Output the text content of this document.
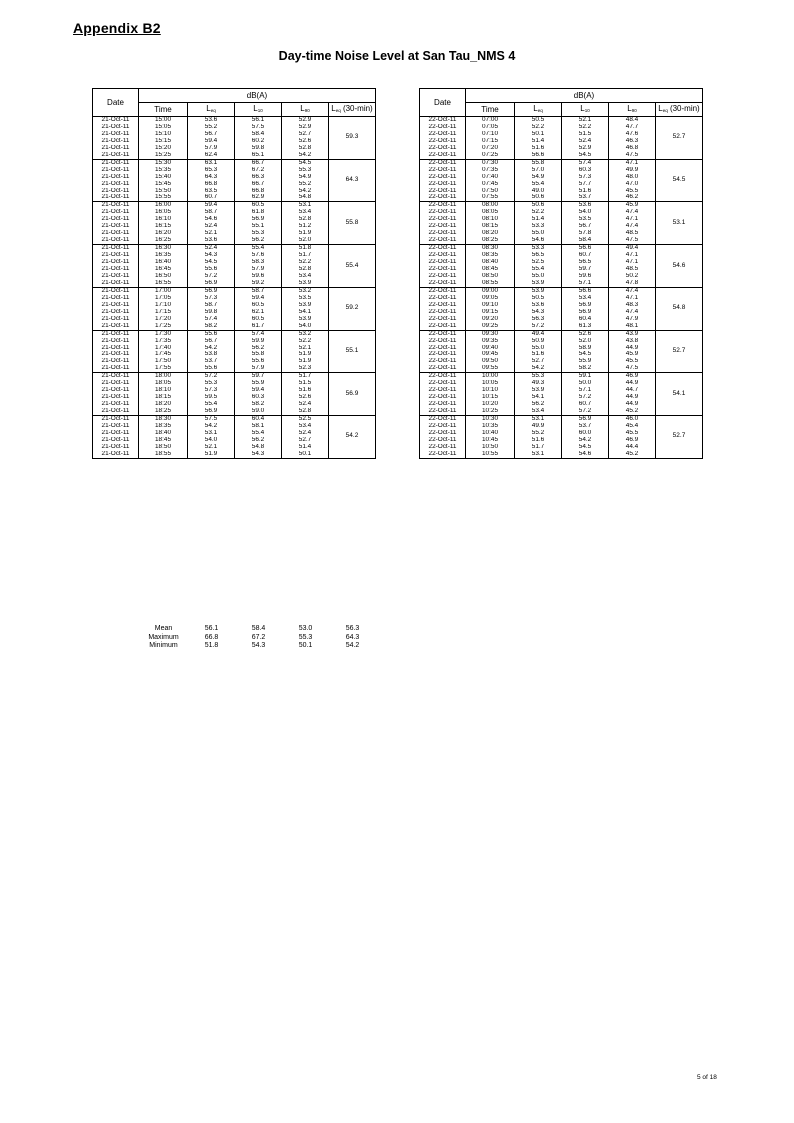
Appendix B2
Day-time Noise Level at San Tau_NMS 4
Date	dB(A)				
	Time	$L_{eq}$	$L_{10}$	$L_{90}$	$L_{eq}$ (30-min)
21-Oct-11	15:00	53.6	56.1	52.9	59.3
21-Oct-11	15:05	55.2	57.5	52.9	
21-Oct-11	15:10	56.7	58.4	52.7	
21-Oct-11	15:15	59.4	60.2	52.6	
21-Oct-11	15:20	57.9	59.8	52.8	
21-Oct-11	15:25	62.4	65.1	54.2	
21-Oct-11	15:30	63.1	66.7	54.5	64.3
21-Oct-11	15:35	65.3	67.2	55.3	
21-Oct-11	15:40	64.3	66.3	54.9	
21-Oct-11	15:45	66.8	66.7	55.2	
21-Oct-11	15:50	63.5	66.8	54.2	
21-Oct-11	15:55	60.7	62.9	54.8	
21-Oct-11	16:00	59.4	60.5	53.1	55.8
21-Oct-11	16:05	58.7	61.8	53.4	
21-Oct-11	16:10	54.6	56.9	52.8	
21-Oct-11	16:15	52.4	55.1	51.2	
21-Oct-11	16:20	52.1	55.3	51.9	
21-Oct-11	16:25	53.6	56.2	52.0	
21-Oct-11	16:30	52.4	55.4	51.8	55.4
21-Oct-11	16:35	54.3	57.6	51.7	
21-Oct-11	16:40	54.5	58.3	52.2	
21-Oct-11	16:45	55.6	57.9	52.8	
21-Oct-11	16:50	57.2	59.6	53.4	
21-Oct-11	16:55	56.9	59.2	53.9	
21-Oct-11	17:00	56.9	58.7	53.2	59.2
21-Oct-11	17:05	57.3	59.4	53.5	
21-Oct-11	17:10	58.7	60.5	53.9	
21-Oct-11	17:15	59.8	62.1	54.1	
21-Oct-11	17:20	57.4	60.5	53.9	
21-Oct-11	17:25	58.2	61.7	54.0	
21-Oct-11	17:30	55.6	57.4	53.2	55.1
21-Oct-11	17:35	56.7	59.9	52.2	
21-Oct-11	17:40	54.2	56.2	52.1	
21-Oct-11	17:45	53.8	55.8	51.9	
21-Oct-11	17:50	53.7	55.6	51.9	
21-Oct-11	17:55	55.6	57.9	52.3	
21-Oct-11	18:00	57.2	59.7	51.7	56.9
21-Oct-11	18:05	55.3	55.9	51.5	
21-Oct-11	18:10	57.3	59.4	51.6	
21-Oct-11	18:15	59.5	60.3	52.6	
21-Oct-11	18:20	55.4	58.2	52.4	
21-Oct-11	18:25	56.9	59.0	52.8	
21-Oct-11	18:30	57.5	60.4	52.5	54.2
21-Oct-11	18:35	54.2	58.1	53.4	
21-Oct-11	18:40	53.1	55.4	52.4	
21-Oct-11	18:45	54.0	56.2	52.7	
21-Oct-11	18:50	52.1	54.8	51.4	
21-Oct-11	18:55	51.9	54.3	50.1	
Date	dB(A)				
	Time	$L_{eq}$	$L_{10}$	$L_{90}$	$L_{eq}$ (30-min)
22-Oct-11	07:00	50.5	52.1	48.4	52.7
22-Oct-11	07:05	52.2	52.2	47.7	
22-Oct-11	07:10	50.1	51.5	47.6	
22-Oct-11	07:15	51.4	52.4	46.3	
22-Oct-11	07:20	51.6	52.9	46.8	
22-Oct-11	07:25	56.6	54.5	47.5	
22-Oct-11	07:30	55.8	57.4	47.1	54.5
22-Oct-11	07:35	57.0	60.3	49.9	
22-Oct-11	07:40	54.9	57.3	48.0	
22-Oct-11	07:45	55.4	57.7	47.0	
22-Oct-11	07:50	49.0	51.6	45.5	
22-Oct-11	07:55	50.6	53.7	46.2	
22-Oct-11	08:00	50.6	53.6	45.9	53.1
22-Oct-11	08:05	52.2	54.0	47.4	
22-Oct-11	08:10	51.4	53.5	47.1	
22-Oct-11	08:15	53.3	56.7	47.4	
22-Oct-11	08:20	55.0	57.8	48.5	
22-Oct-11	08:25	54.6	58.4	47.5	
22-Oct-11	08:30	53.3	56.6	49.4	54.6
22-Oct-11	08:35	56.5	60.7	47.1	
22-Oct-11	08:40	52.5	56.5	47.1	
22-Oct-11	08:45	55.4	59.7	48.5	
22-Oct-11	08:50	55.0	59.6	50.2	
22-Oct-11	08:55	53.9	57.1	47.8	
22-Oct-11	09:00	53.9	56.6	47.4	54.8
22-Oct-11	09:05	50.5	53.4	47.1	
22-Oct-11	09:10	53.6	56.9	48.3	
22-Oct-11	09:15	54.3	56.9	47.4	
22-Oct-11	09:20	56.3	60.4	47.9	
22-Oct-11	09:25	57.2	61.3	48.1	
22-Oct-11	09:30	49.4	52.6	43.9	52.7
22-Oct-11	09:35	50.9	52.0	43.8	
22-Oct-11	09:40	55.0	58.9	44.9	
22-Oct-11	09:45	51.6	54.5	45.9	
22-Oct-11	09:50	52.7	55.9	45.5	
22-Oct-11	09:55	54.2	58.2	47.5	
22-Oct-11	10:00	55.3	59.1	46.9	54.1
22-Oct-11	10:05	49.3	50.0	44.9	
22-Oct-11	10:10	53.9	57.1	44.7	
22-Oct-11	10:15	54.1	57.2	44.9	
22-Oct-11	10:20	56.2	60.7	44.9	
22-Oct-11	10:25	53.4	57.2	45.2	
22-Oct-11	10:30	53.1	56.9	46.0	52.7
22-Oct-11	10:35	49.9	53.7	45.4	
22-Oct-11	10:40	55.2	60.0	45.5	
22-Oct-11	10:45	51.6	54.2	46.9	
22-Oct-11	10:50	51.7	54.5	44.4	
22-Oct-11	10:55	53.1	54.6	45.2	
Mean	56.1	58.4	53.0	56.3
Maximum	66.8	67.2	55.3	64.3
Minimum	51.8	54.3	50.1	54.2
5 of 18
